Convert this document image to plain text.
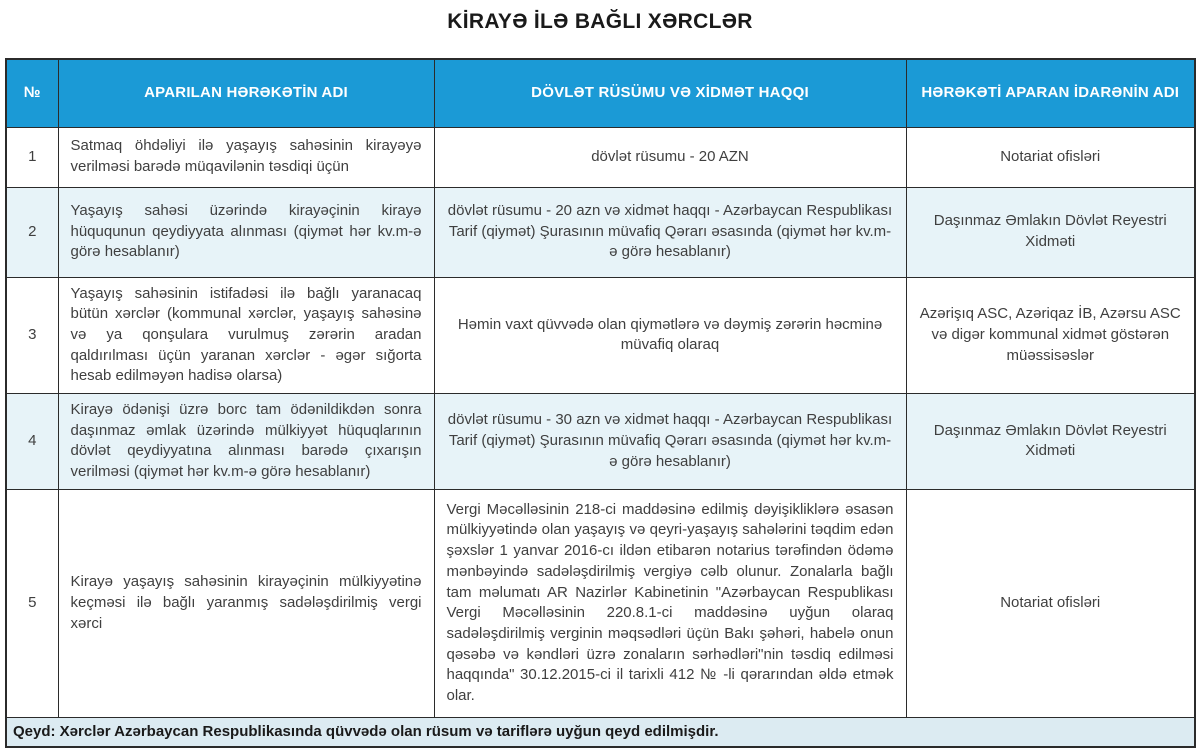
KİRAYƏ İLƏ BAĞLI XƏRCLƏR
№	APARILAN HƏRƏKƏTİN ADI	DÖVLƏT RÜSÜMU VƏ XİDMƏT HAQQI	HƏRƏKƏTİ APARAN İDARƏNİN ADI
1	Satmaq öhdəliyi ilə yaşayış sahəsinin kirayəyə verilməsi barədə müqavilənin təsdiqi üçün	dövlət rüsumu - 20 AZN	Notariat ofisləri
2	Yaşayış sahəsi üzərində kirayəçinin kirayə hüququnun qeydiyyata alınması (qiymət hər kv.m-ə görə hesablanır)	dövlət rüsumu - 20 azn və xidmət haqqı - Azərbaycan Respublikası Tarif (qiymət) Şurasının müvafiq Qərarı əsasında (qiymət hər kv.m-ə görə hesablanır)	Daşınmaz Əmlakın Dövlət Reyestri Xidməti
3	Yaşayış sahəsinin istifadəsi ilə bağlı yaranacaq bütün xərclər (kommunal xərclər, yaşayış sahəsinə və ya qonşulara vurulmuş zərərin aradan qaldırılması üçün yaranan xərclər - əgər sığorta hesab edilməyən hadisə olarsa)	Həmin vaxt qüvvədə olan qiymətlərə və dəymiş zərərin həcminə müvafiq olaraq	Azərişıq ASC, Azəriqaz İB, Azərsu ASC və digər kommunal xidmət göstərən müəssisəslər
4	Kirayə ödənişi üzrə borc tam ödənildikdən sonra daşınmaz əmlak üzərində mülkiyyət hüquqlarının dövlət qeydiyyatına alınması barədə çıxarışın verilməsi (qiymət hər kv.m-ə görə hesablanır)	dövlət rüsumu - 30 azn və xidmət haqqı - Azərbaycan Respublikası Tarif (qiymət) Şurasının müvafiq Qərarı əsasında (qiymət hər kv.m-ə görə hesablanır)	Daşınmaz Əmlakın Dövlət Reyestri Xidməti
5	Kirayə yaşayış sahəsinin kirayəçinin mülkiyyətinə keçməsi ilə bağlı yaranmış sadələşdirilmiş vergi xərci	Vergi Məcəlləsinin 218-ci maddəsinə edilmiş dəyişikliklərə əsasən mülkiyyətində olan yaşayış və qeyri-yaşayış sahələrini təqdim edən şəxslər 1 yanvar 2016-cı ildən etibarən notarius tərəfindən ödəmə mənbəyində sadələşdirilmiş vergiyə cəlb olunur. Zonalarla bağlı tam məlumatı AR Nazirlər Kabinetinin "Azərbaycan Respublikası Vergi Məcəlləsinin 220.8.1-ci maddəsinə uyğun olaraq sadələşdirilmiş verginin məqsədləri üçün Bakı şəhəri, habelə onun qəsəbə və kəndləri üzrə zonaların sərhədləri"nin təsdiq edilməsi haqqında" 30.12.2015-ci il tarixli 412 № -li qərarından əldə etmək olar.	Notariat ofisləri
Qeyd: Xərclər Azərbaycan Respublikasında qüvvədə olan rüsum və tariflərə uyğun qeyd edilmişdir.			
